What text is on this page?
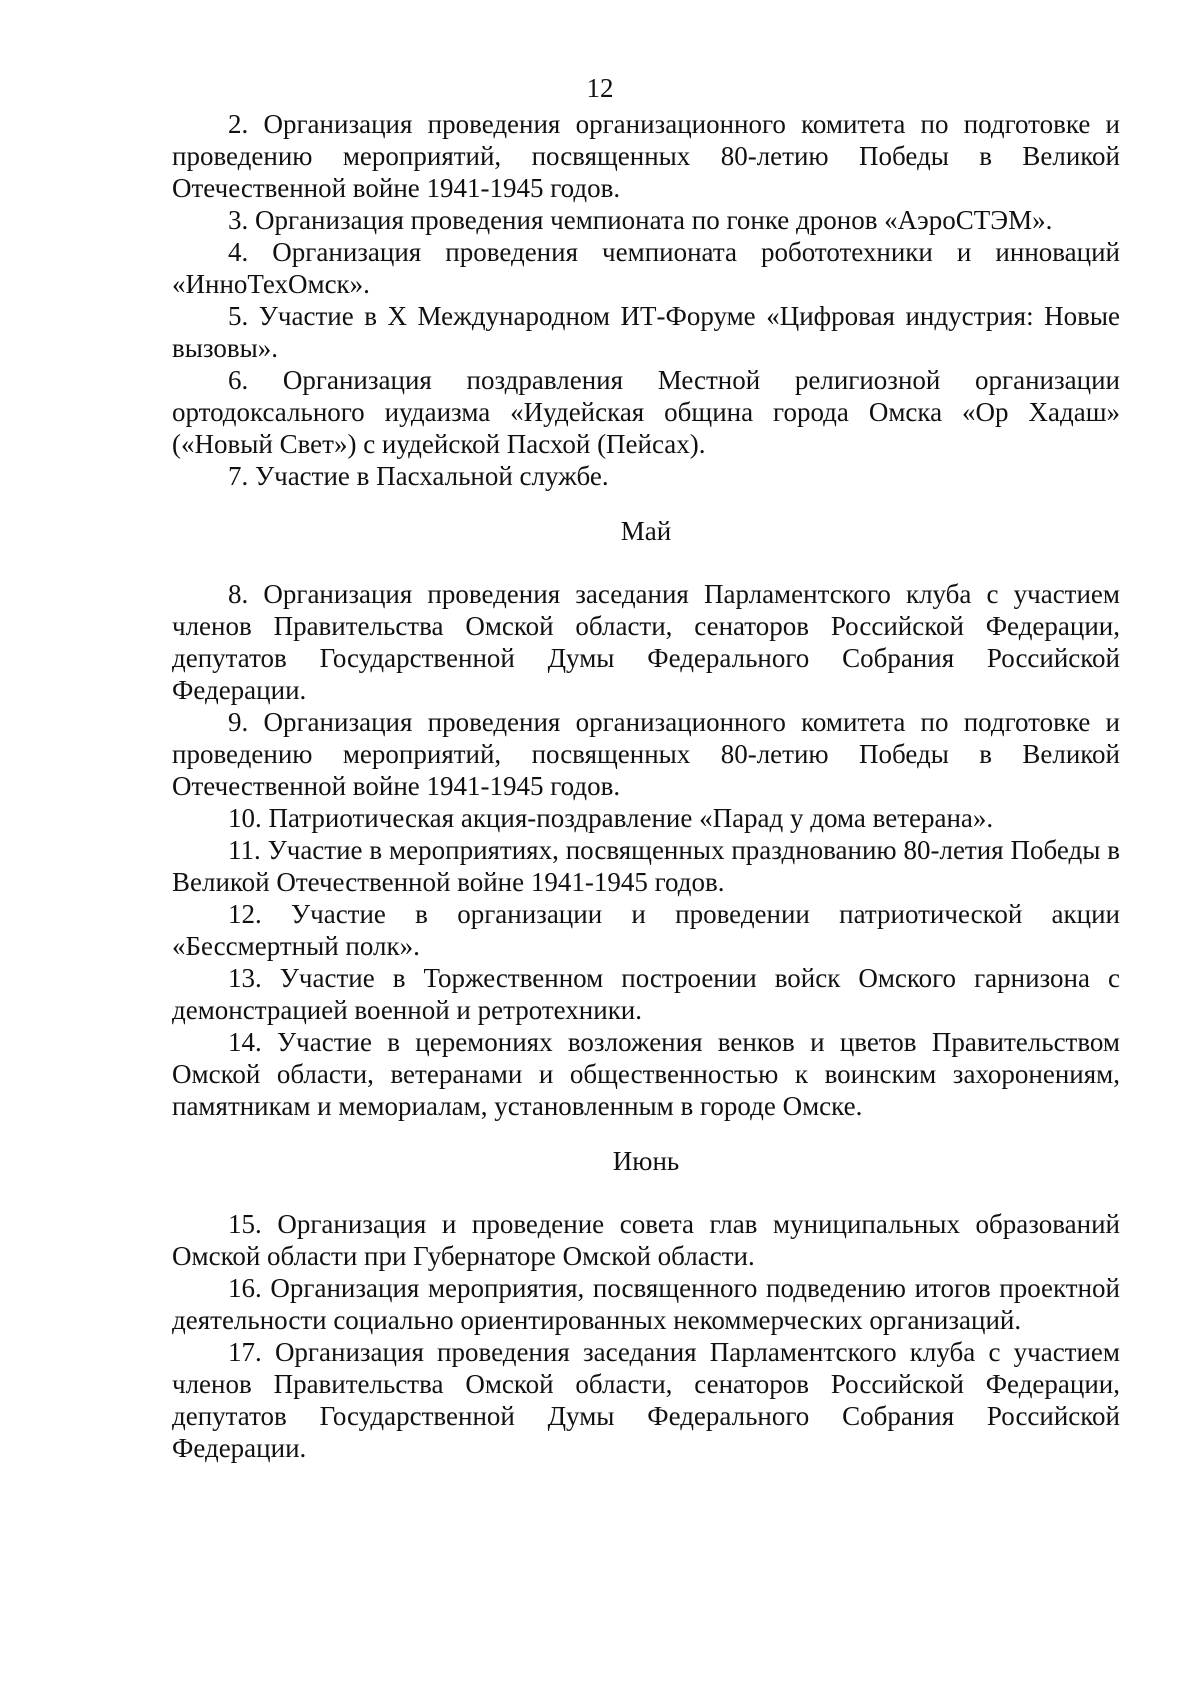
12

2. Организация проведения организационного комитета по подготовке и проведению мероприятий, посвященных 80-летию Победы в Великой Отечественной войне 1941-1945 годов.

3. Организация проведения чемпионата по гонке дронов «АэроСТЭМ».

4. Организация проведения чемпионата робототехники и инноваций «ИнноТехОмск».

5. Участие в X Международном ИТ-Форуме «Цифровая индустрия: Новые вызовы».

6. Организация поздравления Местной религиозной организации ортодоксального иудаизма «Иудейская община города Омска «Ор Хадаш» («Новый Свет») с иудейской Пасхой (Пейсах).

7. Участие в Пасхальной службе.

Май

8. Организация проведения заседания Парламентского клуба с участием членов Правительства Омской области, сенаторов Российской Федерации, депутатов Государственной Думы Федерального Собрания Российской Федерации.

9. Организация проведения организационного комитета по подготовке и проведению мероприятий, посвященных 80-летию Победы в Великой Отечественной войне 1941-1945 годов.

10. Патриотическая акция-поздравление «Парад у дома ветерана».

11. Участие в мероприятиях, посвященных празднованию 80-летия Победы в Великой Отечественной войне 1941-1945 годов.

12. Участие в организации и проведении патриотической акции «Бессмертный полк».

13. Участие в Торжественном построении войск Омского гарнизона с демонстрацией военной и ретротехники.

14. Участие в церемониях возложения венков и цветов Правительством Омской области, ветеранами и общественностью к воинским захоронениям, памятникам и мемориалам, установленным в городе Омске.

Июнь

15. Организация и проведение совета глав муниципальных образований Омской области при Губернаторе Омской области.

16. Организация мероприятия, посвященного подведению итогов проектной деятельности социально ориентированных некоммерческих организаций.

17. Организация проведения заседания Парламентского клуба с участием членов Правительства Омской области, сенаторов Российской Федерации, депутатов Государственной Думы Федерального Собрания Российской Федерации.
